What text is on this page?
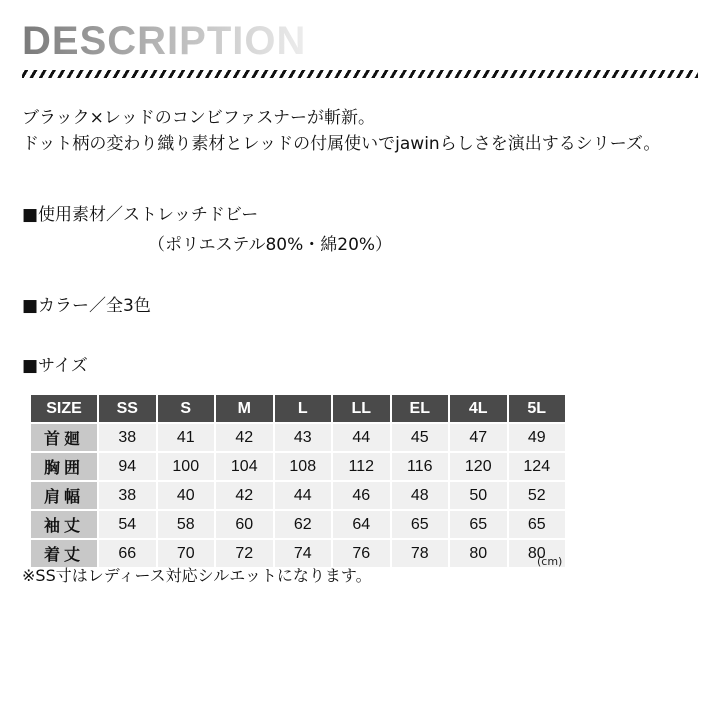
DESCRIPTION
ブラック×レッドのコンビファスナーが斬新。
ドット柄の変わり織り素材とレッドの付属使いでjawinらしさを演出するシリーズ。
■使用素材／ストレッチドビー
（ポリエステル80%・綿20%）
■カラー／全3色
■サイズ
SIZE	SS	S	M	L	LL	EL	4L	5L
首廻	38	41	42	43	44	45	47	49
胸囲	94	100	104	108	112	116	120	124
肩幅	38	40	42	44	46	48	50	52
袖丈	54	58	60	62	64	65	65	65
着丈	66	70	72	74	76	78	80	80
(cm)
※SS寸はレディース対応シルエットになります。
